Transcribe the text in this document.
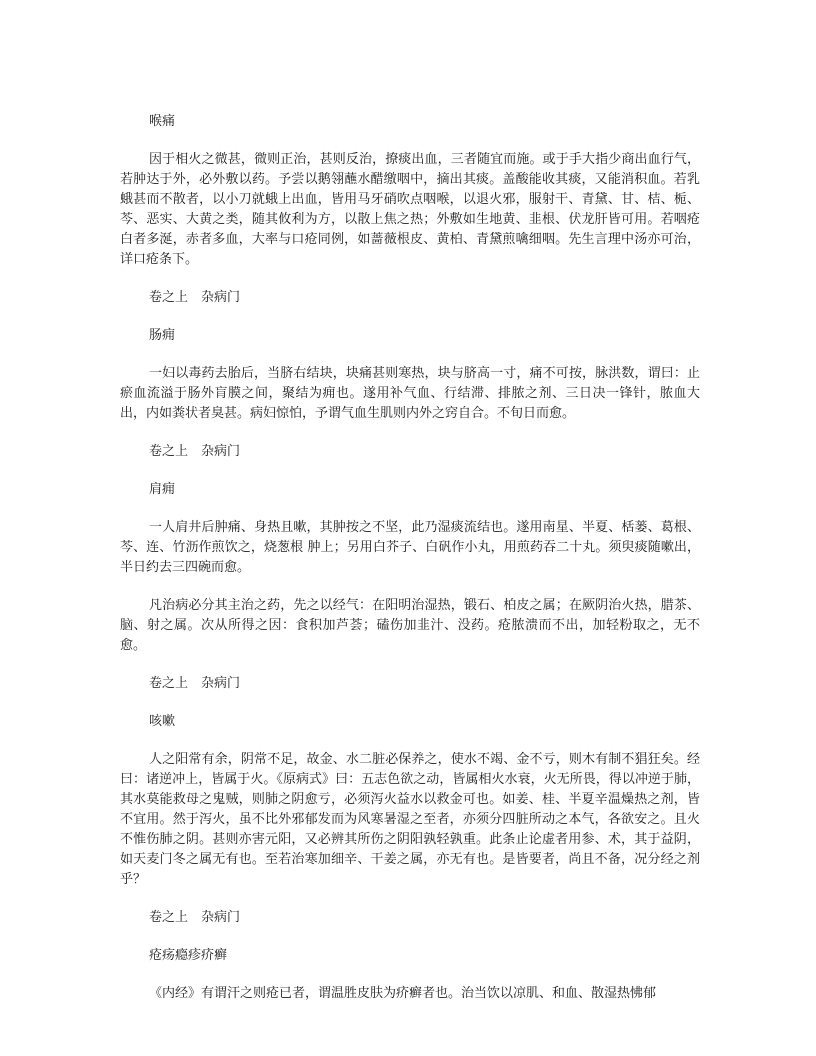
喉痛
因于相火之微甚，微则正治，甚则反治，撩痰出血，三者随宜而施。或于手大指少商出血行气，若肿达于外，必外敷以药。予尝以鹅翎蘸水醋缴咽中，摘出其痰。盖酸能收其痰，又能消积血。若乳蛾甚而不散者，以小刀就蛾上出血，皆用马牙硝吹点咽喉，以退火邪，服射干、青黛、甘、桔、栀、芩、恶实、大黄之类，随其攸利为方，以散上焦之热；外敷如生地黄、韭根、伏龙肝皆可用。若咽疮白者多涎，赤者多血，大率与口疮同例，如蔷薇根皮、黄柏、青黛煎噙细咽。先生言理中汤亦可治，详口疮条下。
卷之上　杂病门
肠痈
一妇以毒药去胎后，当脐右结块，块痛甚则寒热，块与脐高一寸，痛不可按，脉洪数，谓曰：止瘀血流溢于肠外肓膜之间，聚结为痈也。遂用补气血、行结滞、排脓之剂、三日决一锋针，脓血大出，内如粪状者臭甚。病妇惊怕，予谓气血生肌则内外之窍自合。不旬日而愈。
卷之上　杂病门
肩痈
一人肩井后肿痛、身热且嗽，其肿按之不坚，此乃湿痰流结也。遂用南星、半夏、栝蒌、葛根、芩、连、竹沥作煎饮之，烧葱根 肿上；另用白芥子、白矾作小丸，用煎药吞二十丸。须臾痰随嗽出，半日约去三四碗而愈。
凡治病必分其主治之药，先之以经气：在阳明治湿热，锻石、柏皮之属；在厥阴治火热，腊茶、脑、射之属。次从所得之因：食积加芦荟；磕伤加韭汁、没药。疮脓溃而不出，加轻粉取之，无不愈。
卷之上　杂病门
咳嗽
人之阳常有余，阴常不足，故金、水二脏必保养之，使水不竭、金不亏，则木有制不猖狂矣。经曰：诸逆冲上，皆属于火。《原病式》曰：五志色欲之动，皆属相火水衰，火无所畏，得以冲逆于肺，其水莫能救母之鬼贼，则肺之阴愈亏，必须泻火益水以救金可也。如姜、桂、半夏辛温燥热之剂，皆不宜用。然于泻火，虽不比外邪郁发而为风寒暑湿之至者，亦须分四脏所动之本气，各欲安之。且火不惟伤肺之阴。甚则亦害元阳，又必辨其所伤之阴阳孰轻孰重。此条止论虚者用参、术，其于益阴，如天麦门冬之属无有也。至若治寒加细辛、干姜之属，亦无有也。是皆要者，尚且不备，况分经之剂乎？
卷之上　杂病门
疮疡瘾疹疥癣
《内经》有谓汗之则疮已者，谓温胜皮肤为疥癣者也。治当饮以凉肌、和血、散湿热怫郁
